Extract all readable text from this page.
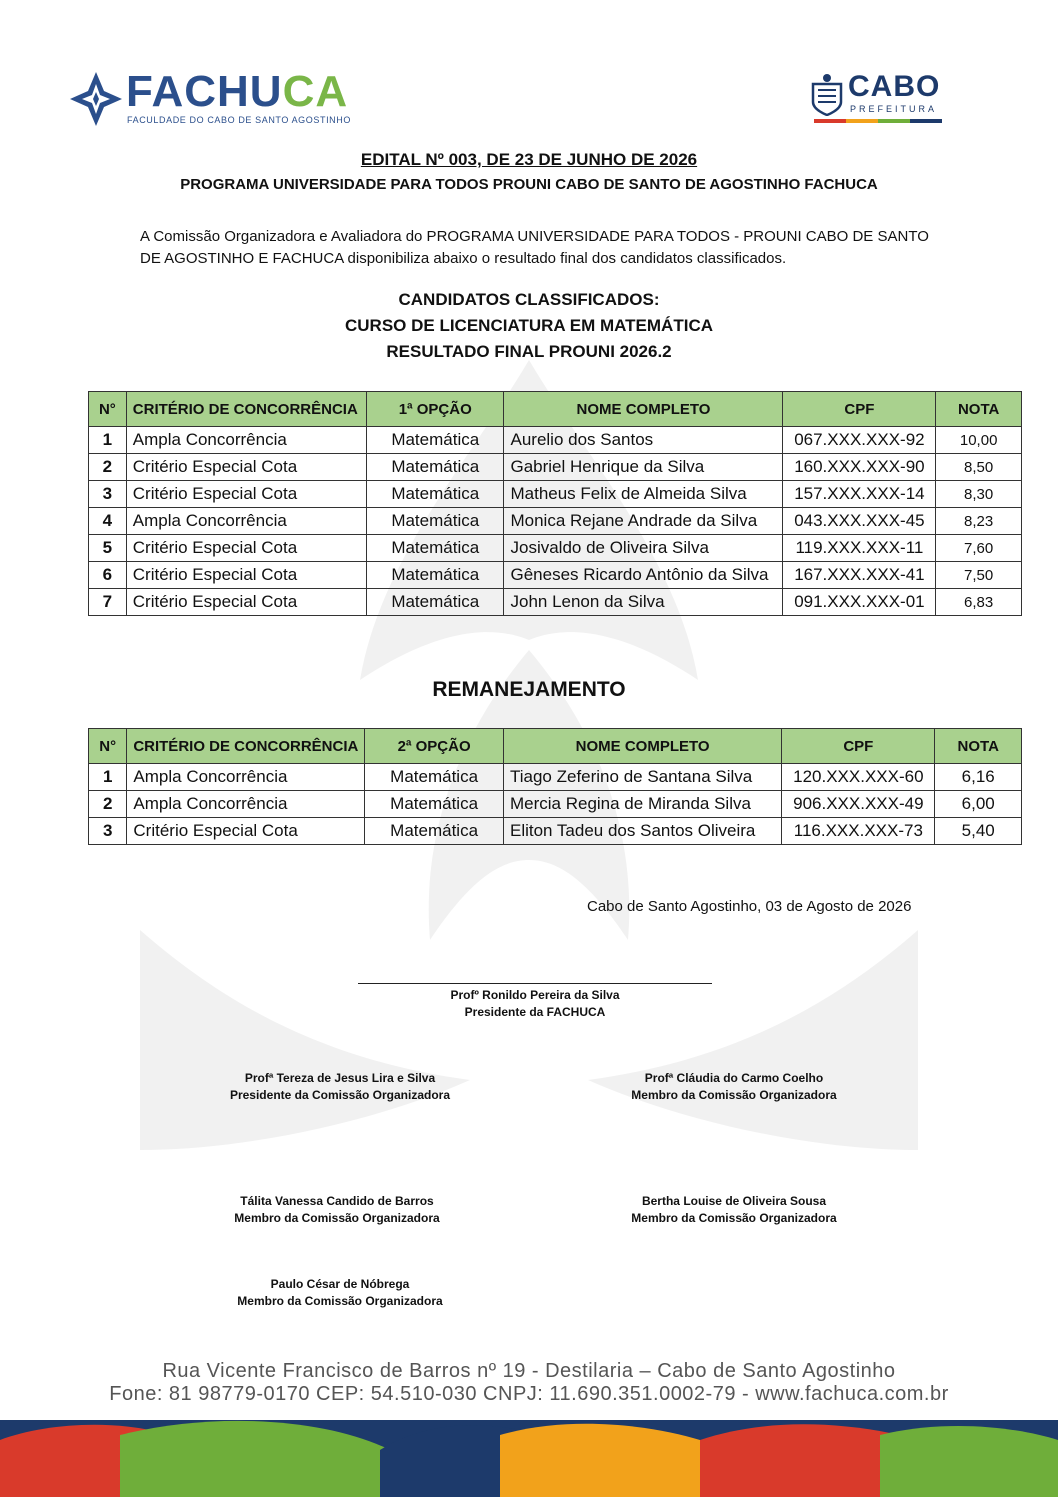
FACHUCA
FACULDADE DO CABO DE SANTO AGOSTINHO
CABO
PREFEITURA
EDITAL Nº 003, DE 23 DE JUNHO DE 2026
PROGRAMA UNIVERSIDADE PARA TODOS PROUNI CABO DE SANTO DE AGOSTINHO FACHUCA
A Comissão Organizadora e Avaliadora do PROGRAMA UNIVERSIDADE PARA TODOS - PROUNI CABO DE SANTO
DE AGOSTINHO E FACHUCA disponibiliza abaixo o resultado final dos candidatos classificados.
CANDIDATOS CLASSIFICADOS:
CURSO DE LICENCIATURA EM MATEMÁTICA
RESULTADO FINAL PROUNI 2026.2
N°	CRITÉRIO DE CONCORRÊNCIA	1ª OPÇÃO	NOME COMPLETO	CPF	NOTA
1	Ampla Concorrência	Matemática	Aurelio dos Santos	067.XXX.XXX-92	10,00
2	Critério Especial Cota	Matemática	Gabriel Henrique da Silva	160.XXX.XXX-90	8,50
3	Critério Especial Cota	Matemática	Matheus Felix de Almeida Silva	157.XXX.XXX-14	8,30
4	Ampla Concorrência	Matemática	Monica Rejane Andrade da Silva	043.XXX.XXX-45	8,23
5	Critério Especial Cota	Matemática	Josivaldo de Oliveira Silva	119.XXX.XXX-11	7,60
6	Critério Especial Cota	Matemática	Gêneses Ricardo Antônio da Silva	167.XXX.XXX-41	7,50
7	Critério Especial Cota	Matemática	John Lenon da Silva	091.XXX.XXX-01	6,83
REMANEJAMENTO
N°	CRITÉRIO DE CONCORRÊNCIA	2ª OPÇÃO	NOME COMPLETO	CPF	NOTA
1	Ampla Concorrência	Matemática	Tiago Zeferino de Santana Silva	120.XXX.XXX-60	6,16
2	Ampla Concorrência	Matemática	Mercia Regina de Miranda Silva	906.XXX.XXX-49	6,00
3	Critério Especial Cota	Matemática	Eliton Tadeu dos Santos Oliveira	116.XXX.XXX-73	5,40
Cabo de Santo Agostinho, 03 de Agosto de 2026
Profº Ronildo Pereira da Silva
Presidente da FACHUCA
Profª Tereza de Jesus Lira e Silva
Presidente da Comissão Organizadora
Profª Cláudia do Carmo Coelho
Membro da Comissão Organizadora
Tálita Vanessa Candido de Barros
Membro da Comissão Organizadora
Bertha Louise de Oliveira Sousa
Membro da Comissão Organizadora
Paulo César de Nóbrega
Membro da Comissão Organizadora
Rua Vicente Francisco de Barros nº 19 - Destilaria – Cabo de Santo Agostinho
Fone: 81 98779-0170 CEP: 54.510-030 CNPJ: 11.690.351.0002-79 - www.fachuca.com.br
